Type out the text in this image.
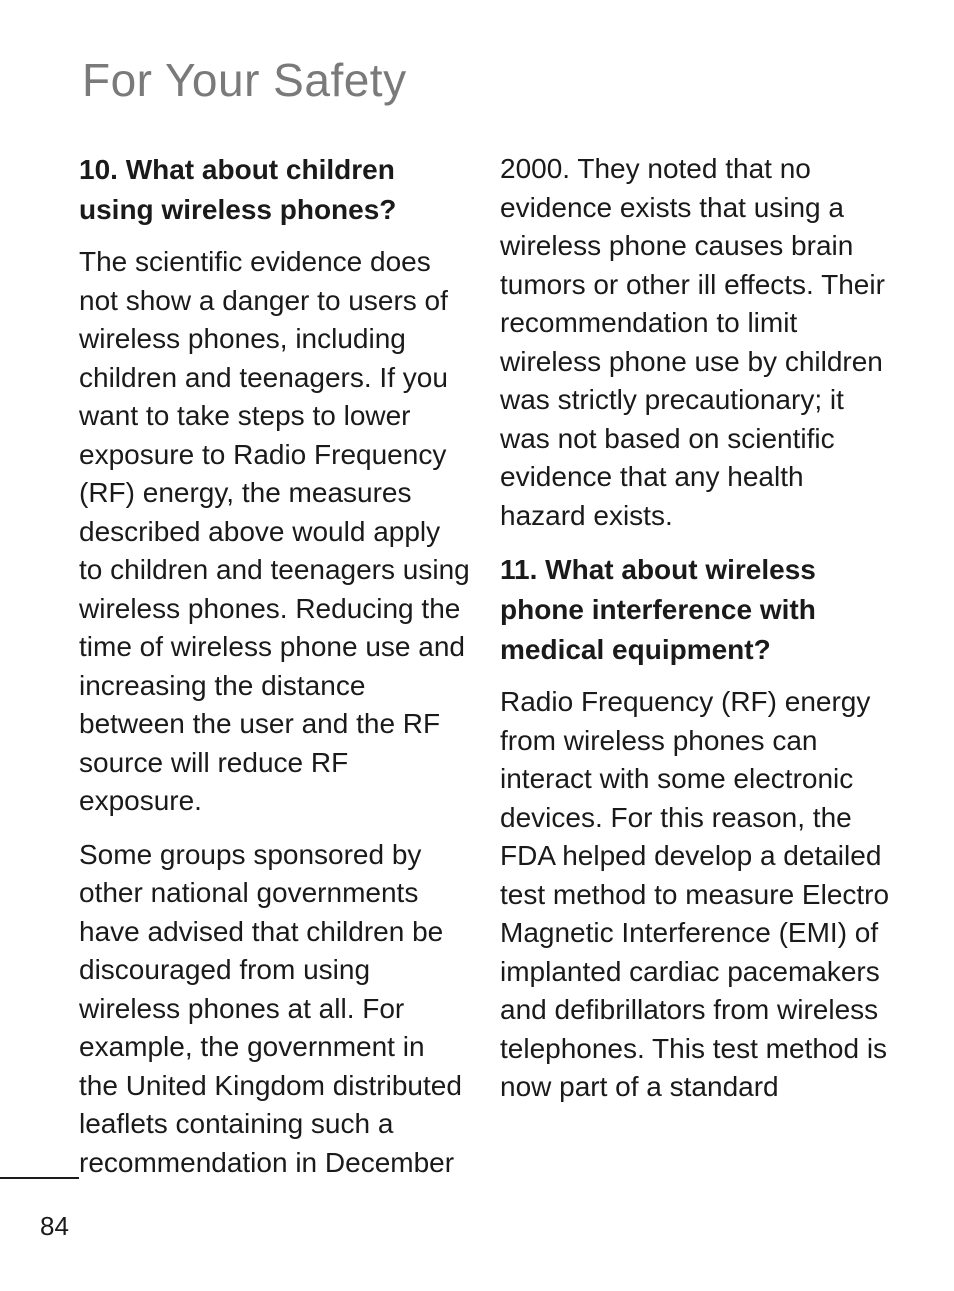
For Your Safety

10. What about children using wireless phones?

The scientific evidence does not show a danger to users of wireless phones, including children and teenagers. If you want to take steps to lower exposure to Radio Frequency (RF) energy, the measures described above would apply to children and teenagers using wireless phones. Reducing the time of wireless phone use and increasing the distance between the user and the RF source will reduce RF exposure.

Some groups sponsored by other national governments have advised that children be discouraged from using wireless phones at all. For example, the government in the United Kingdom distributed leaflets containing such a recommendation in December

2000. They noted that no evidence exists that using a wireless phone causes brain tumors or other ill effects. Their recommendation to limit wireless phone use by children was strictly precautionary; it was not based on scientific evidence that any health hazard exists.

11. What about wireless phone interference with medical equipment?

Radio Frequency (RF) energy from wireless phones can interact with some electronic devices. For this reason, the FDA helped develop a detailed test method to measure Electro Magnetic Interference (EMI) of implanted cardiac pacemakers and defibrillators from wireless telephones. This test method is now part of a standard

84
